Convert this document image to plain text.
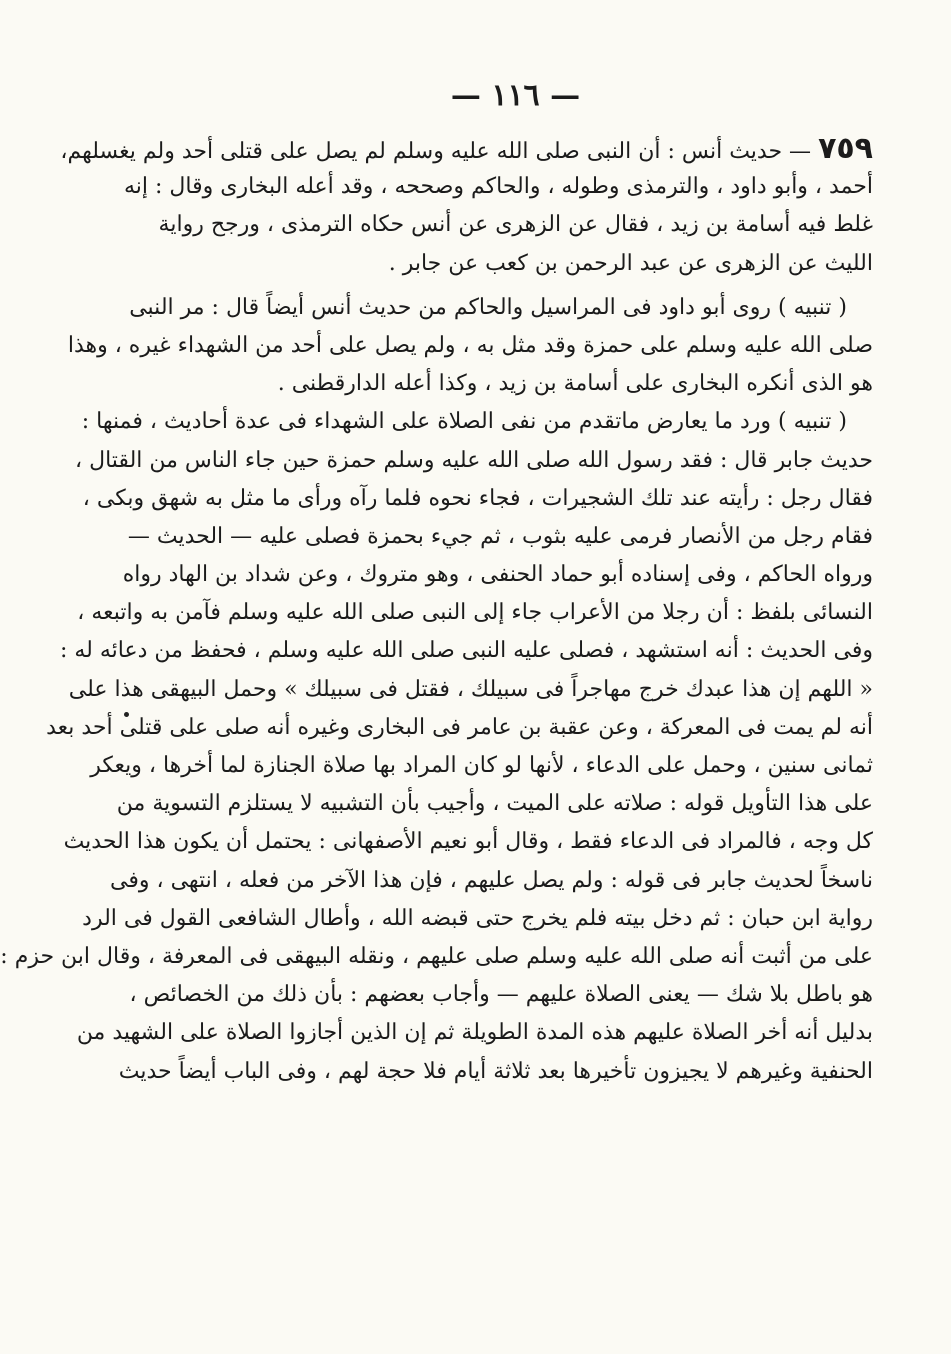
— ١١٦ —
٧٥٩ — حديث أنس : أن النبى صلى الله عليه وسلم لم يصل على قتلى أحد ولم يغسلهم،
أحمد ، وأبو داود ، والترمذى وطوله ، والحاكم وصححه ، وقد أعله البخارى وقال : إنه
غلط فيه أسامة بن زيد ، فقال عن الزهرى عن أنس حكاه الترمذى ، ورجح رواية
الليث عن الزهرى عن عبد الرحمن بن كعب عن جابر .
( تنبيه ) روى أبو داود فى المراسيل والحاكم من حديث أنس أيضاً قال : مر النبى
صلى الله عليه وسلم على حمزة وقد مثل به ، ولم يصل على أحد من الشهداء غيره ، وهذا
هو الذى أنكره البخارى على أسامة بن زيد ، وكذا أعله الدارقطنى .
( تنبيه ) ورد ما يعارض ماتقدم من نفى الصلاة على الشهداء فى عدة أحاديث ، فمنها :
حديث جابر قال : فقد رسول الله صلى الله عليه وسلم حمزة حين جاء الناس من القتال ،
فقال رجل : رأيته عند تلك الشجيرات ، فجاء نحوه فلما رآه ورأى ما مثل به شهق وبكى ،
فقام رجل من الأنصار فرمى عليه بثوب ، ثم جيء بحمزة فصلى عليه — الحديث —
ورواه الحاكم ، وفى إسناده أبو حماد الحنفى ، وهو متروك ، وعن شداد بن الهاد رواه
النسائى بلفظ : أن رجلا من الأعراب جاء إلى النبى صلى الله عليه وسلم فآمن به واتبعه ،
وفى الحديث : أنه استشهد ، فصلى عليه النبى صلى الله عليه وسلم ، فحفظ من دعائه له :
« اللهم إن هذا عبدك خرج مهاجراً فى سبيلك ، فقتل فى سبيلك » وحمل البيهقى هذا على
أنه لم يمت فى المعركة ، وعن عقبة بن عامر فى البخارى وغيره أنه صلى على قتلى أحد بعد
ثمانى سنين ، وحمل على الدعاء ، لأنها لو كان المراد بها صلاة الجنازة لما أخرها ، ويعكر
على هذا التأويل قوله : صلاته على الميت ، وأجيب بأن التشبيه لا يستلزم التسوية من
كل وجه ، فالمراد فى الدعاء فقط ، وقال أبو نعيم الأصفهانى : يحتمل أن يكون هذا الحديث
ناسخاً لحديث جابر فى قوله : ولم يصل عليهم ، فإن هذا الآخر من فعله ، انتهى ، وفى
رواية ابن حبان : ثم دخل بيته فلم يخرج حتى قبضه الله ، وأطال الشافعى القول فى الرد
على من أثبت أنه صلى الله عليه وسلم صلى عليهم ، ونقله البيهقى فى المعرفة ، وقال ابن حزم :
هو باطل بلا شك — يعنى الصلاة عليهم — وأجاب بعضهم : بأن ذلك من الخصائص ،
بدليل أنه أخر الصلاة عليهم هذه المدة الطويلة ثم إن الذين أجازوا الصلاة على الشهيد من
الحنفية وغيرهم لا يجيزون تأخيرها بعد ثلاثة أيام فلا حجة لهم ، وفى الباب أيضاً حديث
